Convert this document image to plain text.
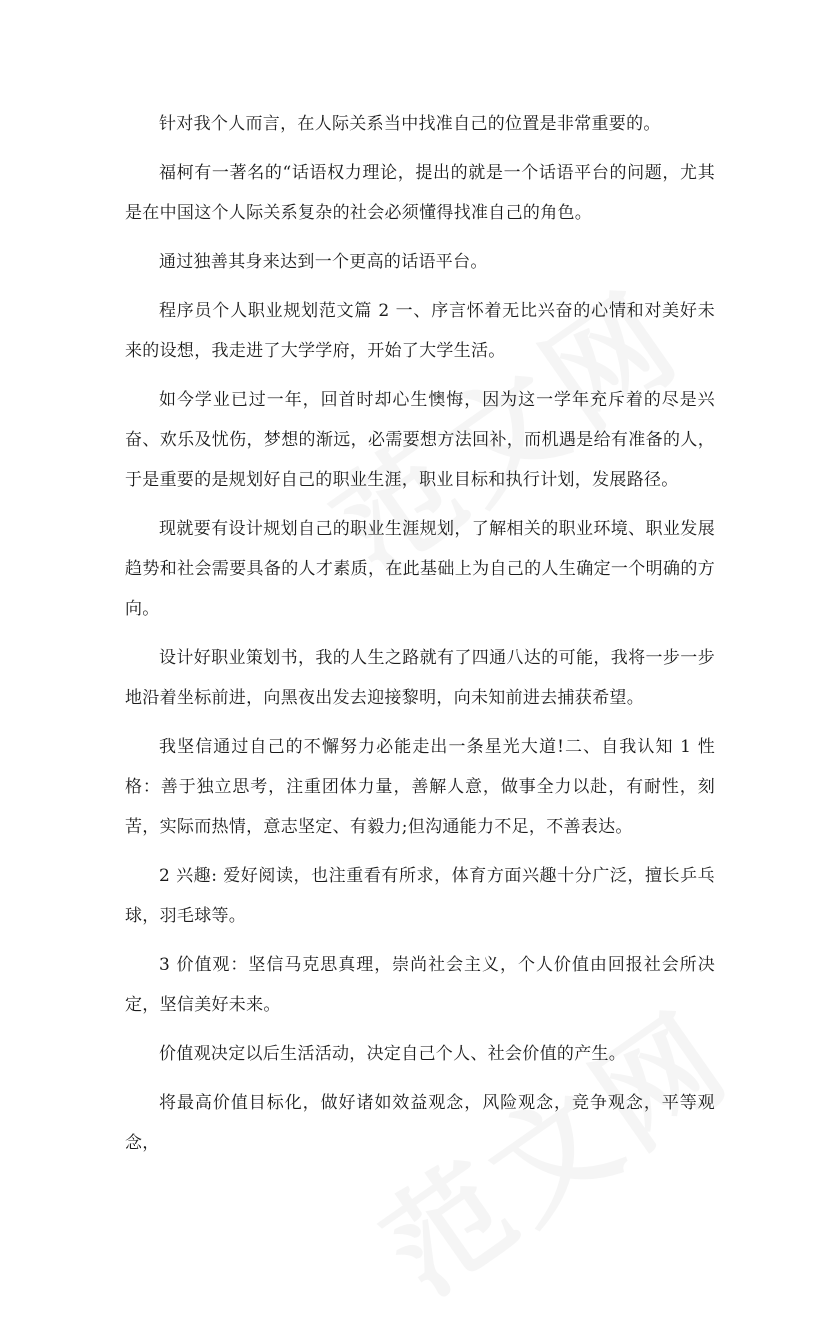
针对我个人而言，在人际关系当中找准自己的位置是非常重要的。

福柯有一著名的“话语权力理论，提出的就是一个话语平台的问题，尤其是在中国这个人际关系复杂的社会必须懂得找准自己的角色。

通过独善其身来达到一个更高的话语平台。

程序员个人职业规划范文篇 2 一、序言怀着无比兴奋的心情和对美好未来的设想，我走进了大学学府，开始了大学生活。

如今学业已过一年，回首时却心生懊悔，因为这一学年充斥着的尽是兴奋、欢乐及忧伤，梦想的渐远，必需要想方法回补，而机遇是给有准备的人，于是重要的是规划好自己的职业生涯，职业目标和执行计划，发展路径。

现就要有设计规划自己的职业生涯规划，了解相关的职业环境、职业发展趋势和社会需要具备的人才素质，在此基础上为自己的人生确定一个明确的方向。

设计好职业策划书，我的人生之路就有了四通八达的可能，我将一步一步地沿着坐标前进，向黑夜出发去迎接黎明，向未知前进去捕获希望。

我坚信通过自己的不懈努力必能走出一条星光大道!二、自我认知 1 性格：善于独立思考，注重团体力量，善解人意，做事全力以赴，有耐性，刻苦，实际而热情，意志坚定、有毅力;但沟通能力不足，不善表达。

2 兴趣: 爱好阅读，也注重看有所求，体育方面兴趣十分广泛，擅长乒乓球，羽毛球等。

3 价值观：坚信马克思真理，崇尚社会主义，个人价值由回报社会所决定，坚信美好未来。

价值观决定以后生活活动，决定自己个人、社会价值的产生。

将最高价值目标化，做好诸如效益观念，风险观念，竞争观念，平等观念，
